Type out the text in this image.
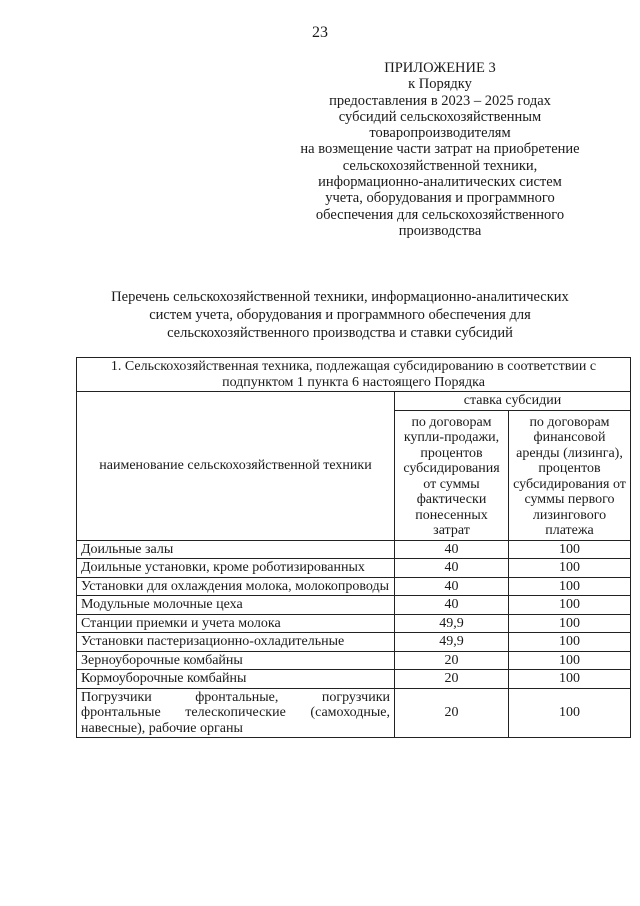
23
ПРИЛОЖЕНИЕ 3
к Порядку
предоставления в 2023 – 2025 годах
субсидий сельскохозяйственным
товаропроизводителям
на возмещение части затрат на приобретение
сельскохозяйственной техники,
информационно-аналитических систем
учета, оборудования и программного
обеспечения для сельскохозяйственного
производства
Перечень сельскохозяйственной техники, информационно-аналитических
систем учета, оборудования и программного обеспечения для
сельскохозяйственного производства и ставки субсидий
1. Сельскохозяйственная техника, подлежащая субсидированию в соответствии с подпунктом 1 пункта 6 настоящего Порядка		
наименование сельскохозяйственной техники	ставка субсидии	
	по договорам купли-продажи, процентов субсидирования от суммы фактически понесенных затрат	по договорам финансовой аренды (лизинга), процентов субсидирования от суммы первого лизингового платежа
Доильные залы	40	100
Доильные установки, кроме роботизированных	40	100
Установки для охлаждения молока, молокопроводы	40	100
Модульные молочные цеха	40	100
Станции приемки и учета молока	49,9	100
Установки пастеризационно-охладительные	49,9	100
Зерноуборочные комбайны	20	100
Кормоуборочные комбайны	20	100
Погрузчики фронтальные, погрузчики фронтальные телескопические (самоходные, навесные), рабочие органы	20	100
